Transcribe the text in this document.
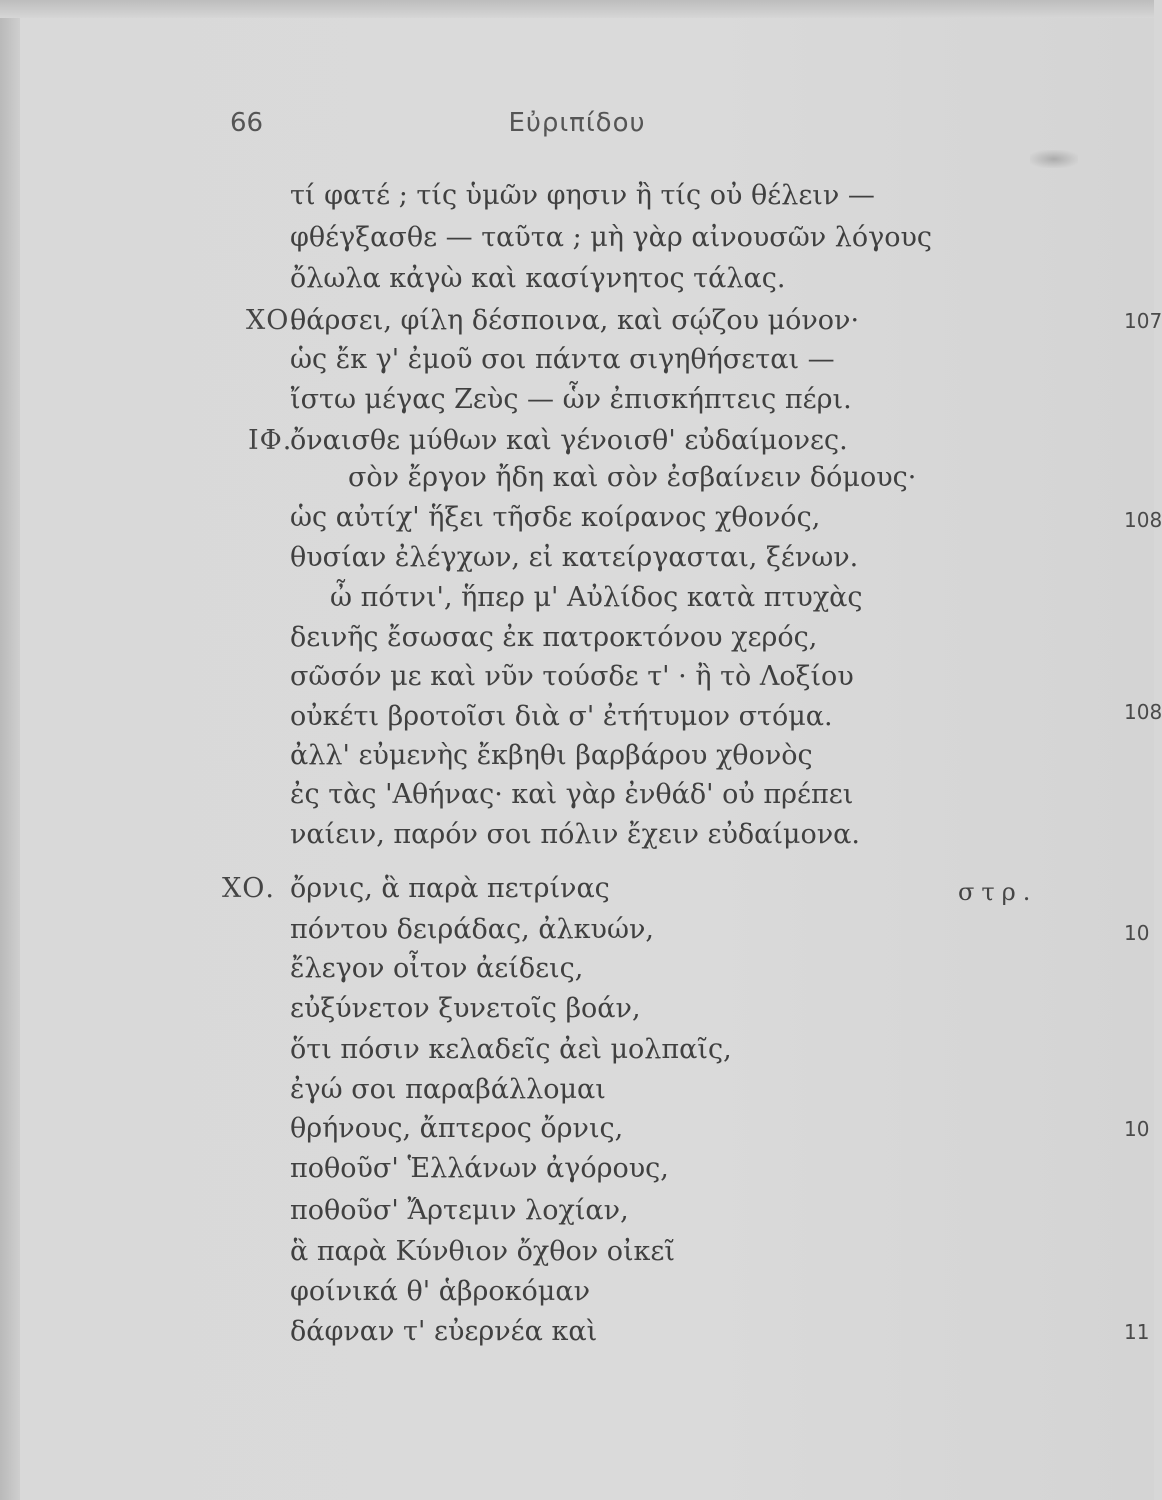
66	Εὐριπίδου
ΧΟ.
ΙΦ.
ΧΟ.
τί φατέ ; τίς ὑμῶν φησιν ἢ τίς οὐ θέλειν —
φθέγξασθε — ταῦτα ; μὴ γὰρ αἰνουσῶν λόγους
ὄλωλα κἀγὼ καὶ κασίγνητος τάλας.
θάρσει, φίλη δέσποινα, καὶ σῴζου μόνον·
ὡς ἔκ γ' ἐμοῦ σοι πάντα σιγηθήσεται —
ἴστω μέγας Ζεὺς — ὧν ἐπισκήπτεις πέρι.
ὄναισθε μύθων καὶ γένοισθ' εὐδαίμονες.
σὸν ἔργον ἤδη καὶ σὸν ἐσβαίνειν δόμους·
ὡς αὐτίχ' ἥξει τῆσδε κοίρανος χθονός,
θυσίαν ἐλέγχων, εἰ κατείργασται, ξένων.
ὦ πότνι', ἥπερ μ' Αὐλίδος κατὰ πτυχὰς
δεινῆς ἔσωσας ἐκ πατροκτόνου χερός,
σῶσόν με καὶ νῦν τούσδε τ' · ἢ τὸ Λοξίου
οὐκέτι βροτοῖσι διὰ σ' ἐτήτυμον στόμα.
ἀλλ' εὐμενὴς ἔκβηθι βαρβάρου χθονὸς
ἐς τὰς 'Αθήνας· καὶ γὰρ ἐνθάδ' οὐ πρέπει
ναίειν, παρόν σοι πόλιν ἔχειν εὐδαίμονα.
ὄρνις, ἃ παρὰ πετρίνας
πόντου δειράδας, ἀλκυών,
ἔλεγον οἶτον ἀείδεις,
εὐξύνετον ξυνετοῖς βοάν,
ὅτι πόσιν κελαδεῖς ἀεὶ μολπαῖς,
ἐγώ σοι παραβάλλομαι
θρήνους, ἄπτερος ὄρνις,
ποθοῦσ' Ἑλλάνων ἀγόρους,
ποθοῦσ' Ἄρτεμιν λοχίαν,
ἃ παρὰ Κύνθιον ὄχθον οἰκεῖ
φοίνικά θ' ἁβροκόμαν
δάφναν τ' εὐερνέα καὶ
στρ.
107
108
108
10
10
11
